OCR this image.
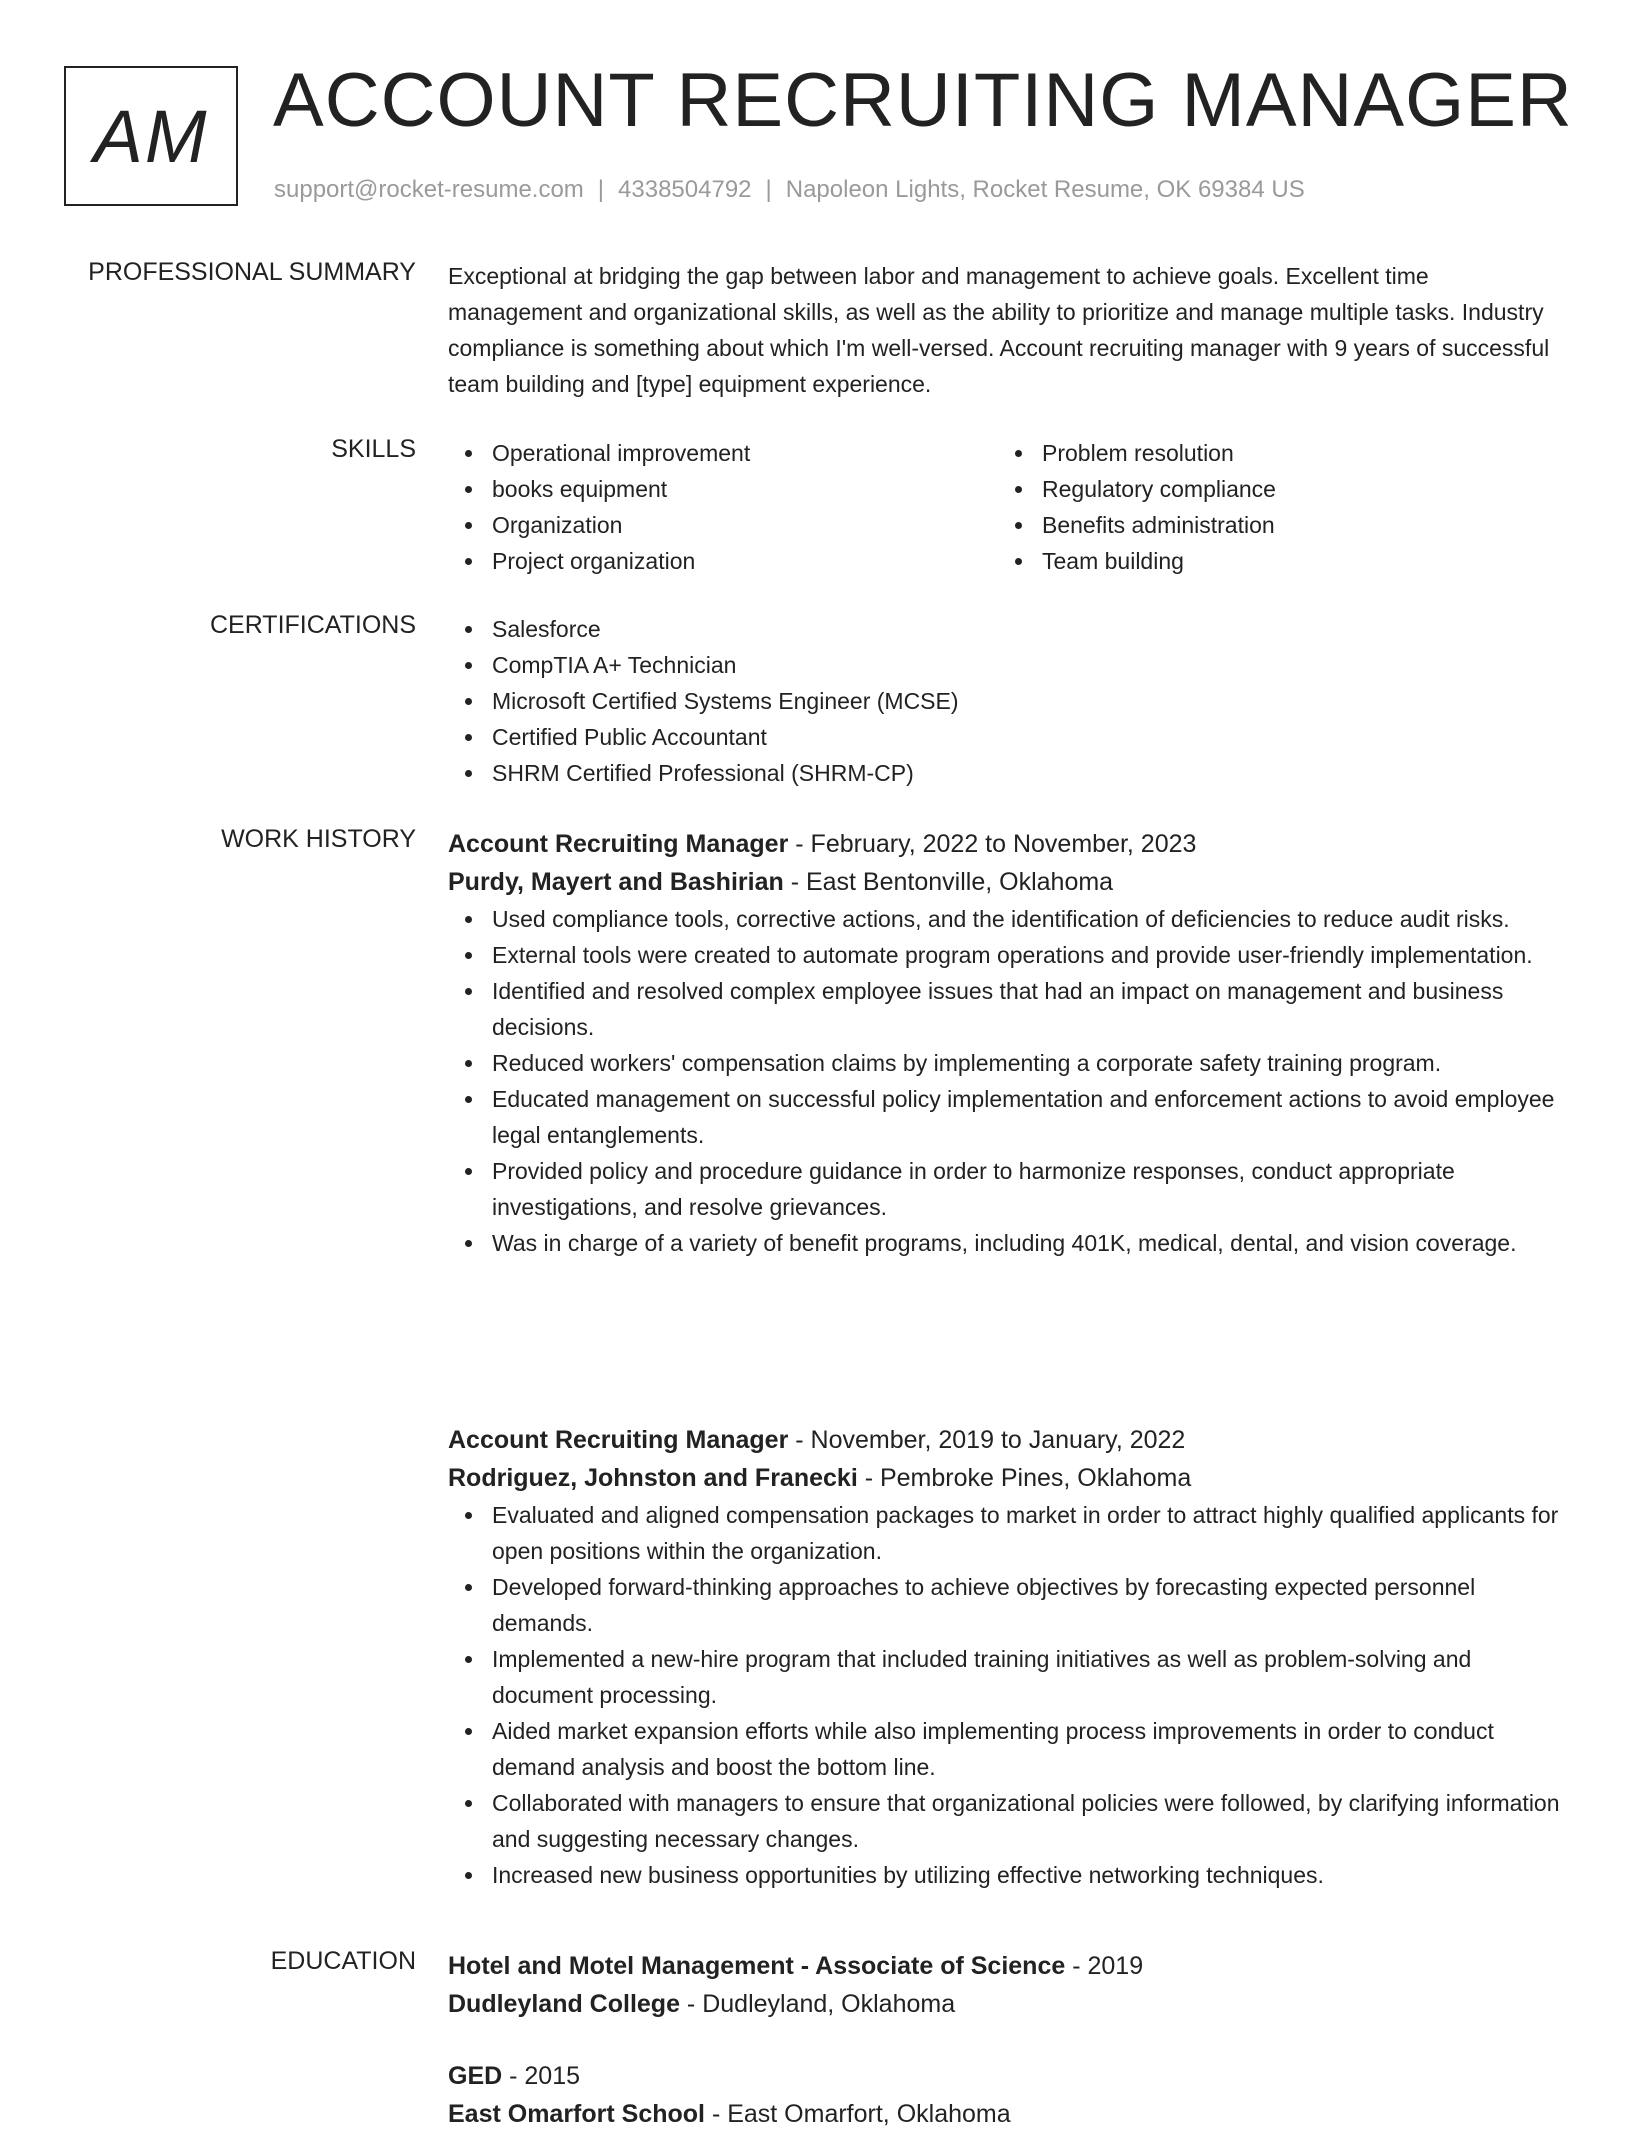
AM ACCOUNT RECRUITING MANAGER
support@rocket-resume.com | 4338504792 | Napoleon Lights, Rocket Resume, OK 69384 US
PROFESSIONAL SUMMARY Exceptional at bridging the gap between labor and management to achieve goals. Excellent time management and organizational skills, as well as the ability to prioritize and manage multiple tasks. Industry compliance is something about which I'm well-versed. Account recruiting manager with 9 years of successful team building and [type] equipment experience.
SKILLS	Operational improvement
books equipment
Organization
Project organization
Problem resolution
Regulatory compliance
Benefits administration
Team building
CERTIFICATIONS	Salesforce
CompTIA A+ Technician
Microsoft Certified Systems Engineer (MCSE)
Certified Public Accountant
SHRM Certified Professional (SHRM-CP)
WORK HISTORY Account Recruiting Manager - February, 2022 to November, 2023
Purdy, Mayert and Bashirian - East Bentonville, Oklahoma
Used compliance tools, corrective actions, and the identification of deficiencies to reduce audit risks.
External tools were created to automate program operations and provide user-friendly implementation.
Identified and resolved complex employee issues that had an impact on management and business decisions.
Reduced workers' compensation claims by implementing a corporate safety training program.
Educated management on successful policy implementation and enforcement actions to avoid employee legal entanglements.
Provided policy and procedure guidance in order to harmonize responses, conduct appropriate investigations, and resolve grievances.
Was in charge of a variety of benefit programs, including 401K, medical, dental, and vision coverage.
Account Recruiting Manager - November, 2019 to January, 2022
Rodriguez, Johnston and Franecki - Pembroke Pines, Oklahoma
Evaluated and aligned compensation packages to market in order to attract highly qualified applicants for open positions within the organization.
Developed forward-thinking approaches to achieve objectives by forecasting expected personnel demands.
Implemented a new-hire program that included training initiatives as well as problem-solving and document processing.
Aided market expansion efforts while also implementing process improvements in order to conduct demand analysis and boost the bottom line.
Collaborated with managers to ensure that organizational policies were followed, by clarifying information and suggesting necessary changes.
Increased new business opportunities by utilizing effective networking techniques.
EDUCATION Hotel and Motel Management - Associate of Science - 2019
Dudleyland College - Dudleyland, Oklahoma
GED - 2015
East Omarfort School - East Omarfort, Oklahoma
